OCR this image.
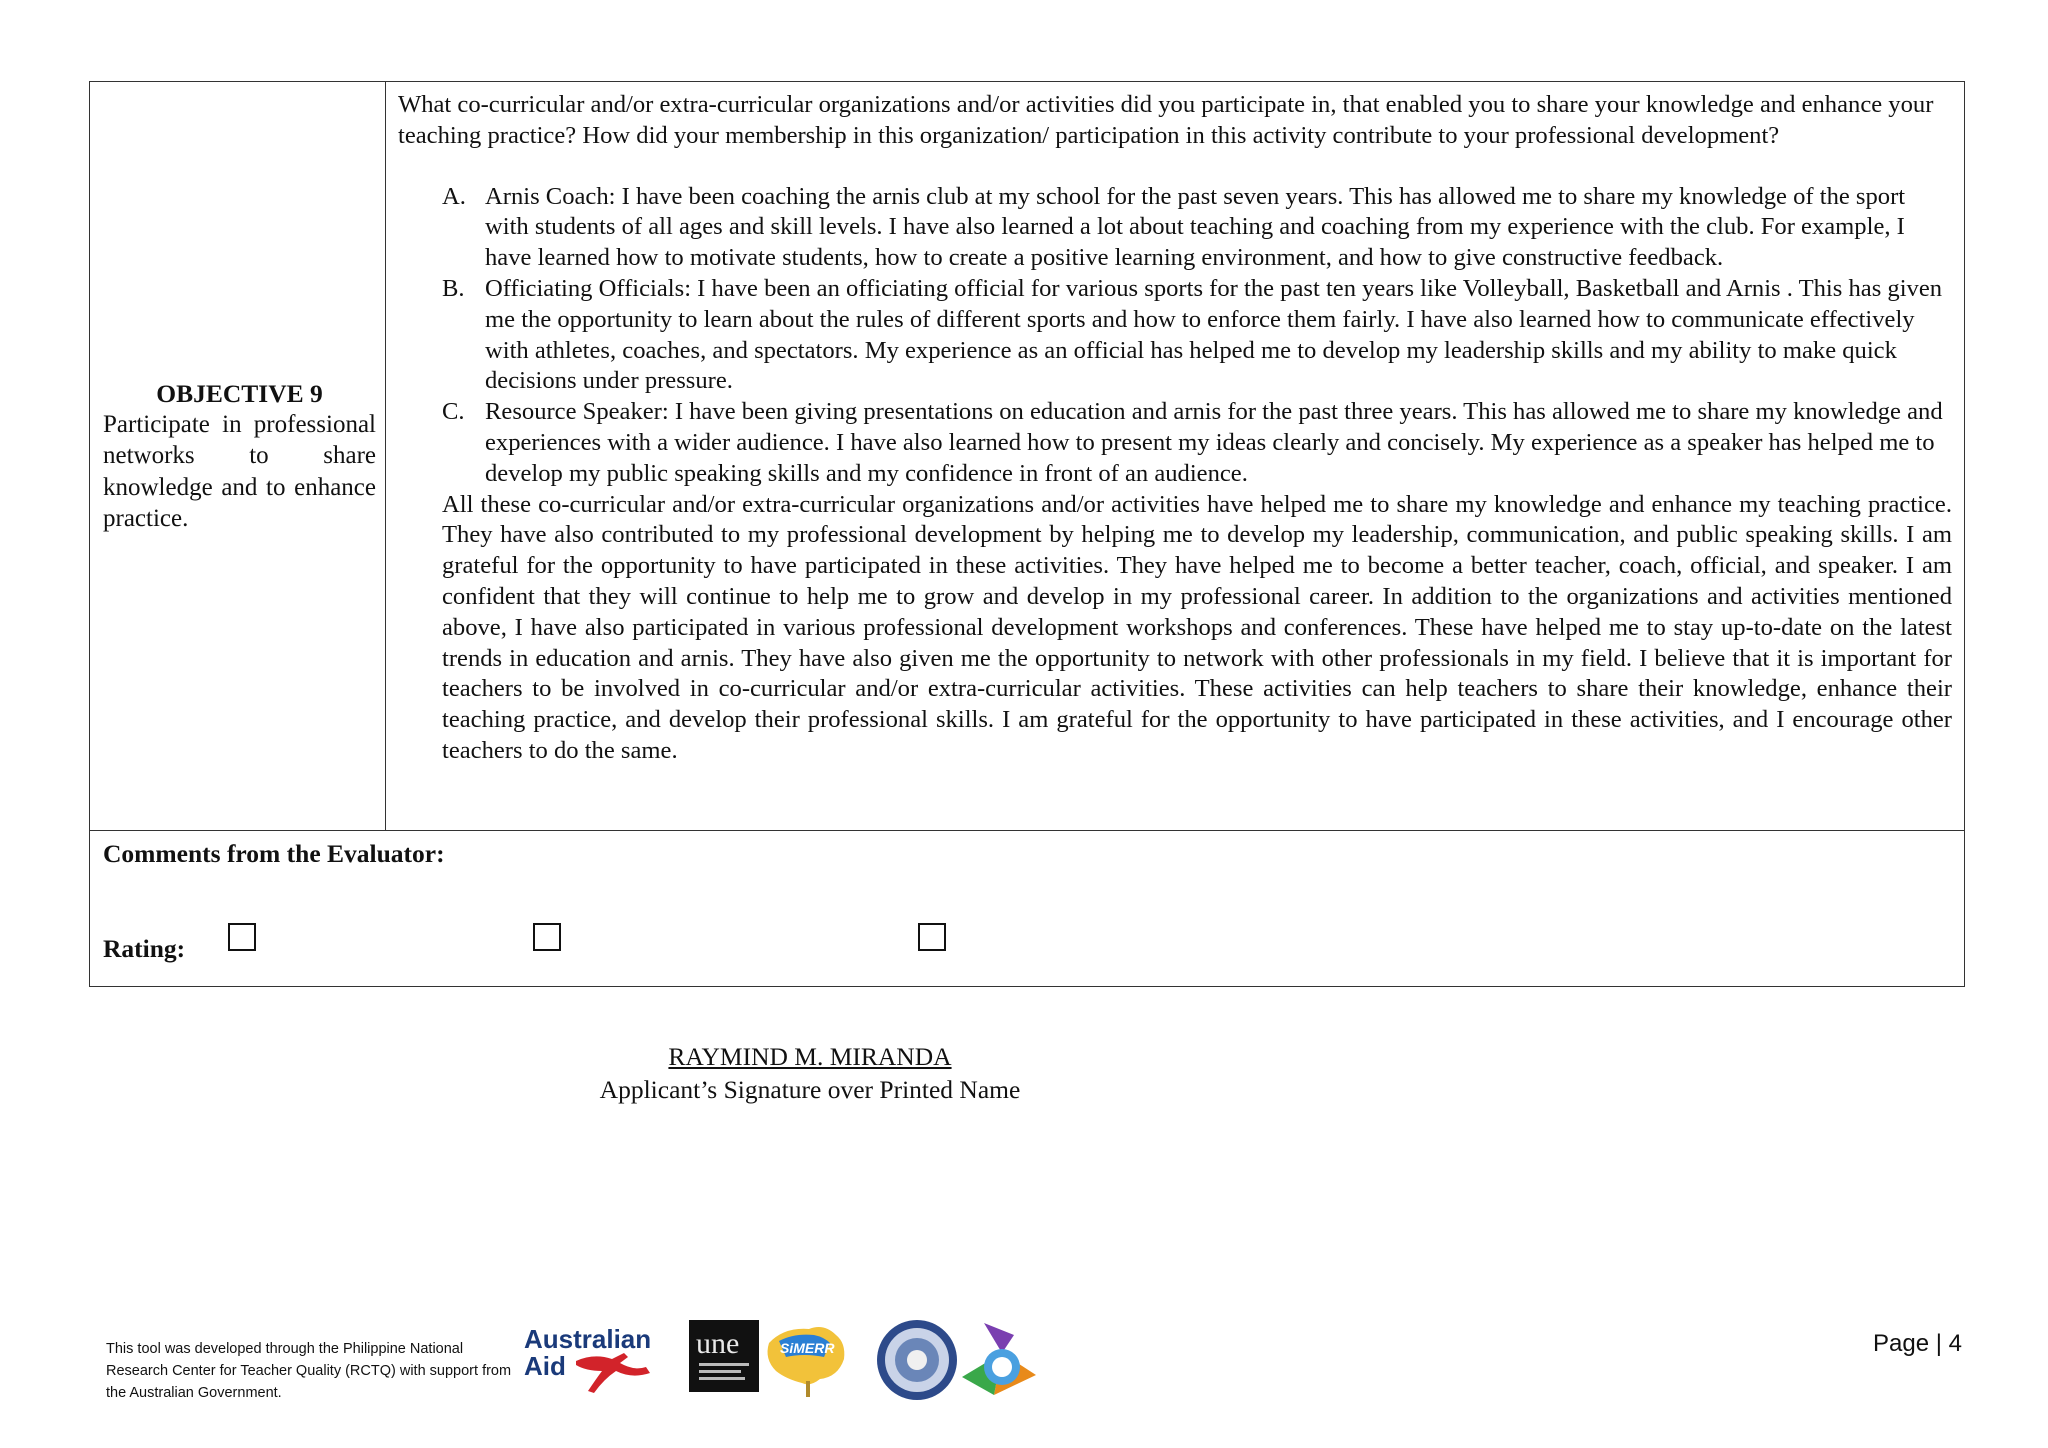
OBJECTIVE 9
Participate in professional networks to share knowledge and to enhance practice.
What co-curricular and/or extra-curricular organizations and/or activities did you participate in, that enabled you to share your knowledge and enhance your teaching practice? How did your membership in this organization/ participation in this activity contribute to your professional development?
A. Arnis Coach: I have been coaching the arnis club at my school for the past seven years. This has allowed me to share my knowledge of the sport with students of all ages and skill levels. I have also learned a lot about teaching and coaching from my experience with the club. For example, I have learned how to motivate students, how to create a positive learning environment, and how to give constructive feedback.
B. Officiating Officials: I have been an officiating official for various sports for the past ten years like Volleyball, Basketball and Arnis . This has given me the opportunity to learn about the rules of different sports and how to enforce them fairly. I have also learned how to communicate effectively with athletes, coaches, and spectators. My experience as an official has helped me to develop my leadership skills and my ability to make quick decisions under pressure.
C. Resource Speaker: I have been giving presentations on education and arnis for the past three years. This has allowed me to share my knowledge and experiences with a wider audience. I have also learned how to present my ideas clearly and concisely. My experience as a speaker has helped me to develop my public speaking skills and my confidence in front of an audience.
All these co-curricular and/or extra-curricular organizations and/or activities have helped me to share my knowledge and enhance my teaching practice. They have also contributed to my professional development by helping me to develop my leadership, communication, and public speaking skills. I am grateful for the opportunity to have participated in these activities. They have helped me to become a better teacher, coach, official, and speaker. I am confident that they will continue to help me to grow and develop in my professional career. In addition to the organizations and activities mentioned above, I have also participated in various professional development workshops and conferences. These have helped me to stay up-to-date on the latest trends in education and arnis. They have also given me the opportunity to network with other professionals in my field. I believe that it is important for teachers to be involved in co-curricular and/or extra-curricular activities. These activities can help teachers to share their knowledge, enhance their teaching practice, and develop their professional skills. I am grateful for the opportunity to have participated in these activities, and I encourage other teachers to do the same.
Comments from the Evaluator:
Rating:
RAYMIND M. MIRANDA
Applicant’s Signature over Printed Name
This tool was developed through the Philippine National Research Center for Teacher Quality (RCTQ) with support from the Australian Government.
Australian
Aid
une	SiMERR	Page | 4
